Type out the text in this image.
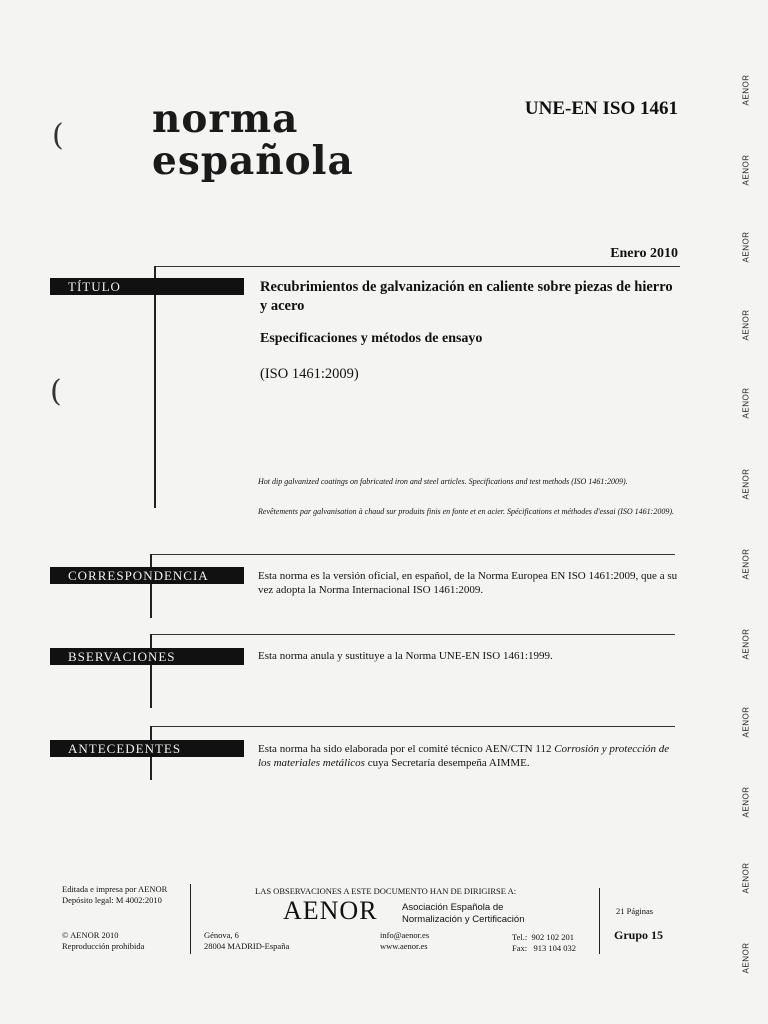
norma
española
UNE-EN ISO 1461
Enero 2010
(
(
TÍTULO	Recubrimientos de galvanización en caliente sobre piezas de hierro y acero
Especificaciones y métodos de ensayo
(ISO 1461:2009)
Hot dip galvanized coatings on fabricated iron and steel articles. Specifications and test methods (ISO 1461:2009).
Revêtements par galvanisation à chaud sur produits finis en fonte et en acier. Spécifications et méthodes d'essai (ISO 1461:2009).
CORRESPONDENCIA	Esta norma es la versión oficial, en español, de la Norma Europea EN ISO 1461:2009, que a su vez adopta la Norma Internacional ISO 1461:2009.
BSERVACIONES	Esta norma anula y sustituye a la Norma UNE-EN ISO 1461:1999.
ANTECEDENTES	Esta norma ha sido elaborada por el comité técnico AEN/CTN 112 Corrosión y protección de los materiales metálicos cuya Secretaría desempeña AIMME.
Editada e impresa por AENOR
Depósito legal: M 4002:2010
© AENOR 2010
Reproducción prohibida
LAS OBSERVACIONES A ESTE DOCUMENTO HAN DE DIRIGIRSE A:
AENOR	Asociación Española de
Normalización y Certificación
Génova, 6
28004 MADRID-España
info@aenor.es
www.aenor.es
Tel.:  902 102 201
Fax:   913 104 032
21 Páginas
Grupo 15
AENOR
AENOR
AENOR
AENOR
AENOR
AENOR
AENOR
AENOR
AENOR
AENOR
AENOR
AENOR
